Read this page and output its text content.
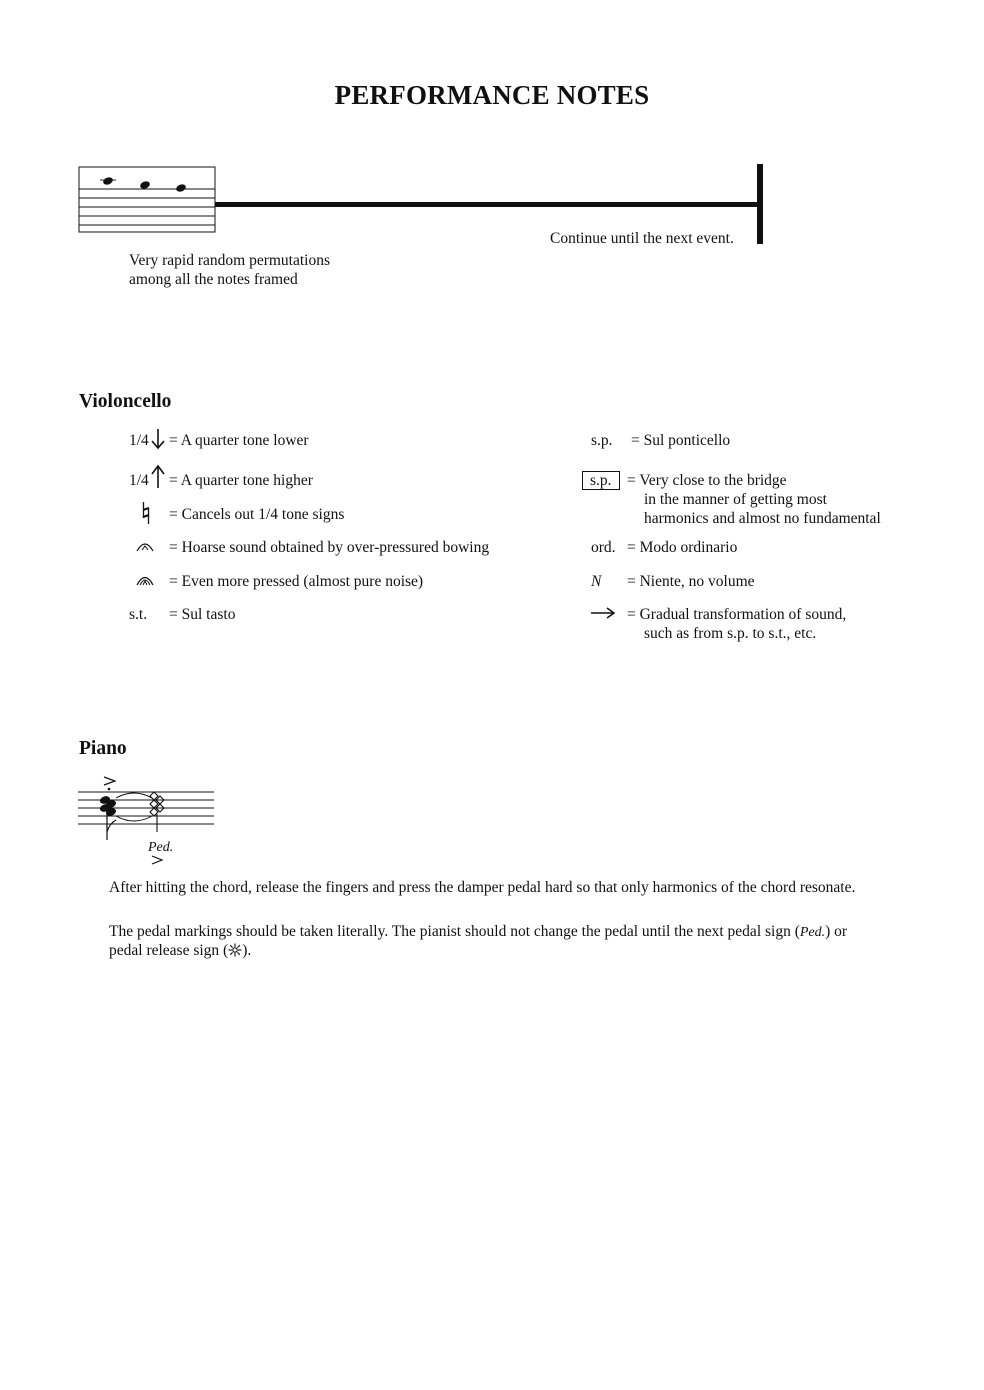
PERFORMANCE NOTES
Continue until the next event.
Very rapid random permutations
among all the notes framed
Violoncello
1/4 = A quarter tone lower
1/4 = A quarter tone higher
= Cancels out 1/4 tone signs
= Hoarse sound obtained by over-pressured bowing
= Even more pressed (almost pure noise)
s.t. = Sul tasto
s.p. = Sul ponticello
s.p. = Very close to the bridge
in the manner of getting most
harmonics and almost no fundamental
ord. = Modo ordinario
N = Niente, no volume
= Gradual transformation of sound,
such as from s.p. to s.t., etc.
Piano
Ped.
After hitting the chord, release the fingers and press the damper pedal hard so that only harmonics of the chord resonate.
The pedal markings should be taken literally. The pianist should not change the pedal until the next pedal sign (Ped.) or
pedal release sign ( ).
